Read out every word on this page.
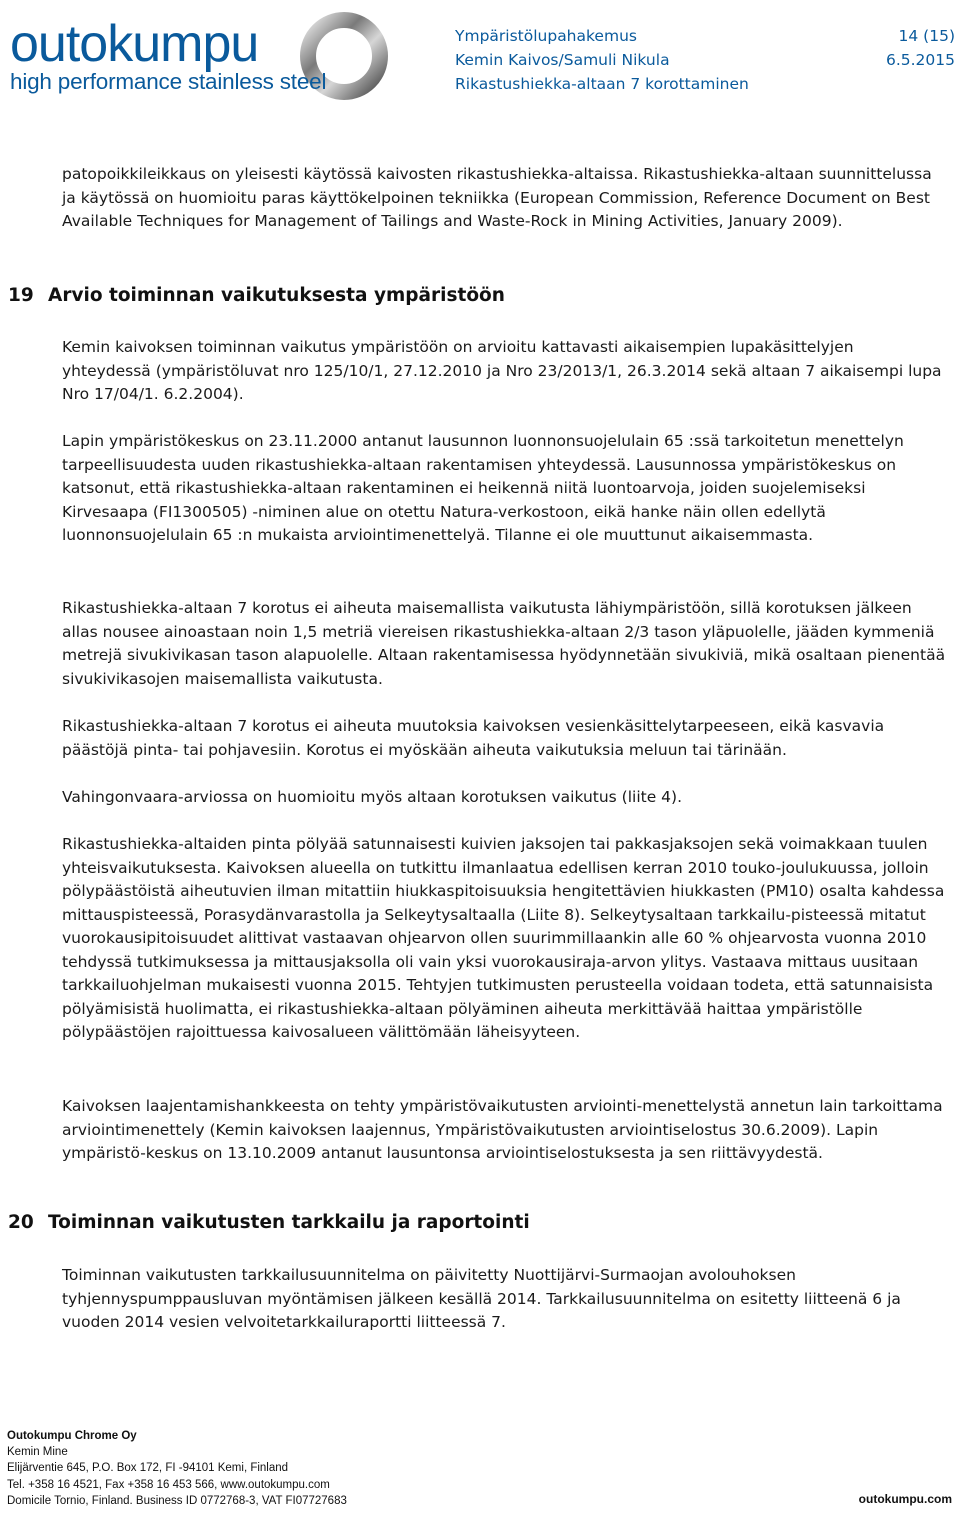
outokumpu
high performance stainless steel
Ympäristölupahakemus	14 (15)
Kemin Kaivos/Samuli Nikula	6.5.2015
Rikastushiekka-altaan 7 korottaminen

patopoikkileikkaus on yleisesti käytössä kaivosten rikastushiekka-altaissa. Rikastushiekka-altaan suunnittelussa ja käytössä on huomioitu paras käyttökelpoinen tekniikka (European Commission, Reference Document on Best Available Techniques for Management of Tailings and Waste-Rock in Mining Activities, January 2009).

19 Arvio toiminnan vaikutuksesta ympäristöön

Kemin kaivoksen toiminnan vaikutus ympäristöön on arvioitu kattavasti aikaisempien lupakäsittelyjen yhteydessä (ympäristöluvat nro 125/10/1, 27.12.2010 ja Nro 23/2013/1, 26.3.2014 sekä altaan 7 aikaisempi lupa Nro 17/04/1. 6.2.2004).

Lapin ympäristökeskus on 23.11.2000 antanut lausunnon luonnonsuojelulain 65 :ssä tarkoitetun menettelyn tarpeellisuudesta uuden rikastushiekka-altaan rakentamisen yhteydessä. Lausunnossa ympäristökeskus on katsonut, että rikastushiekka-altaan rakentaminen ei heikennä niitä luontoarvoja, joiden suojelemiseksi Kirvesaapa (FI1300505) -niminen alue on otettu Natura-verkostoon, eikä hanke näin ollen edellytä luonnonsuojelulain 65 :n mukaista arviointimenettelyä. Tilanne ei ole muuttunut aikaisemmasta.

Rikastushiekka-altaan 7 korotus ei aiheuta maisemallista vaikutusta lähiympäristöön, sillä korotuksen jälkeen allas nousee ainoastaan noin 1,5 metriä viereisen rikastushiekka-altaan 2/3 tason yläpuolelle, jääden kymmeniä metrejä sivukivikasan tason alapuolelle. Altaan rakentamisessa hyödynnetään sivukiviä, mikä osaltaan pienentää sivukivikasojen maisemallista vaikutusta.

Rikastushiekka-altaan 7 korotus ei aiheuta muutoksia kaivoksen vesienkäsittelytarpeeseen, eikä kasvavia päästöjä pinta- tai pohjavesiin. Korotus ei myöskään aiheuta vaikutuksia meluun tai tärinään.

Vahingonvaara-arviossa on huomioitu myös altaan korotuksen vaikutus (liite 4).

Rikastushiekka-altaiden pinta pölyää satunnaisesti kuivien jaksojen tai pakkasjaksojen sekä voimakkaan tuulen yhteisvaikutuksesta. Kaivoksen alueella on tutkittu ilmanlaatua edellisen kerran 2010 touko-joulukuussa, jolloin pölypäästöistä aiheutuvien ilman mitattiin hiukkaspitoisuuksia hengitettävien hiukkasten (PM10) osalta kahdessa mittauspisteessä, Porasydänvarastolla ja Selkeytysaltaalla (Liite 8). Selkeytysaltaan tarkkailu-pisteessä mitatut vuorokausipitoisuudet alittivat vastaavan ohjearvon ollen suurimmillaankin alle 60 % ohjearvosta vuonna 2010 tehdyssä tutkimuksessa ja mittausjaksolla oli vain yksi vuorokausiraja-arvon ylitys. Vastaava mittaus uusitaan tarkkailuohjelman mukaisesti vuonna 2015. Tehtyjen tutkimusten perusteella voidaan todeta, että satunnaisista pölyämisistä huolimatta, ei rikastushiekka-altaan pölyäminen aiheuta merkittävää haittaa ympäristölle pölypäästöjen rajoittuessa kaivosalueen välittömään läheisyyteen.

Kaivoksen laajentamishankkeesta on tehty ympäristövaikutusten arviointi-menettelystä annetun lain tarkoittama arviointimenettely (Kemin kaivoksen laajennus, Ympäristövaikutusten arviointiselostus 30.6.2009). Lapin ympäristö-keskus on 13.10.2009 antanut lausuntonsa arviointiselostuksesta ja sen riittävyydestä.

20 Toiminnan vaikutusten tarkkailu ja raportointi

Toiminnan vaikutusten tarkkailusuunnitelma on päivitetty Nuottijärvi-Surmaojan avolouhoksen tyhjennyspumppausluvan myöntämisen jälkeen kesällä 2014. Tarkkailusuunnitelma on esitetty liitteenä 6 ja vuoden 2014 vesien velvoitetarkkailuraportti liitteessä 7.

Outokumpu Chrome Oy
Kemin Mine
Elijärventie 645, P.O. Box 172, FI -94101 Kemi, Finland
Tel. +358 16 4521, Fax +358 16 453 566, www.outokumpu.com
Domicile Tornio, Finland. Business ID 0772768-3, VAT FI07727683	outokumpu.com
